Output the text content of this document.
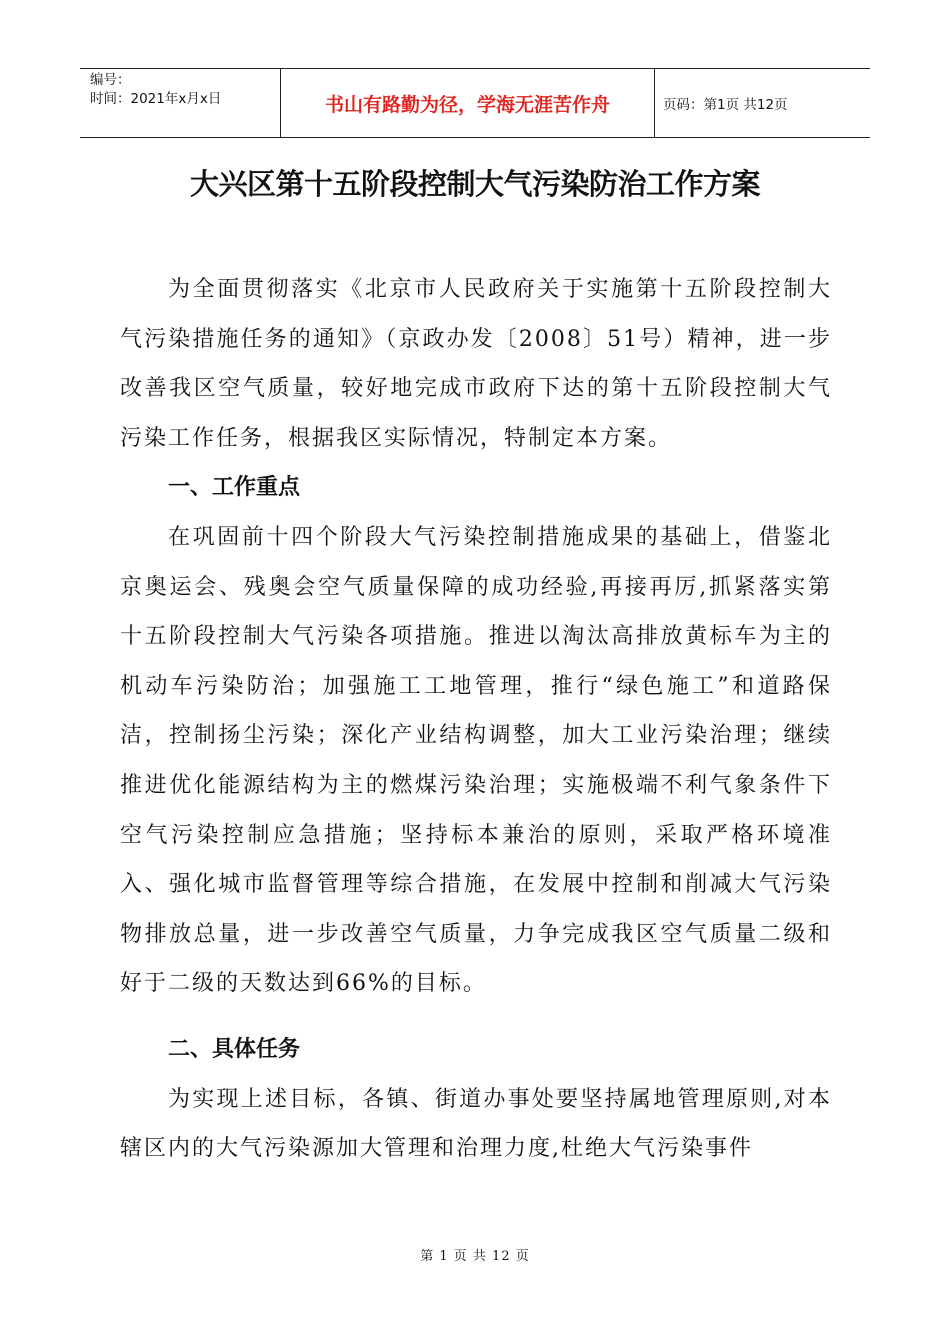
编号：
时间：2021年x月x日	书山有路勤为径，学海无涯苦作舟	页码：第1页 共12页
大兴区第十五阶段控制大气污染防治工作方案

为全面贯彻落实《北京市人民政府关于实施第十五阶段控制大气污染措施任务的通知》（京政办发〔2008〕51号）精神，进一步改善我区空气质量，较好地完成市政府下达的第十五阶段控制大气污染工作任务，根据我区实际情况，特制定本方案。

一、工作重点

在巩固前十四个阶段大气污染控制措施成果的基础上，借鉴北京奥运会、残奥会空气质量保障的成功经验,再接再厉,抓紧落实第十五阶段控制大气污染各项措施。推进以淘汰高排放黄标车为主的机动车污染防治；加强施工工地管理，推行“绿色施工”和道路保洁，控制扬尘污染；深化产业结构调整，加大工业污染治理；继续推进优化能源结构为主的燃煤污染治理；实施极端不利气象条件下空气污染控制应急措施；坚持标本兼治的原则，采取严格环境准入、强化城市监督管理等综合措施，在发展中控制和削减大气污染物排放总量，进一步改善空气质量，力争完成我区空气质量二级和好于二级的天数达到66%的目标。

二、具体任务

为实现上述目标，各镇、街道办事处要坚持属地管理原则,对本辖区内的大气污染源加大管理和治理力度,杜绝大气污染事件

第 1 页 共 12 页
